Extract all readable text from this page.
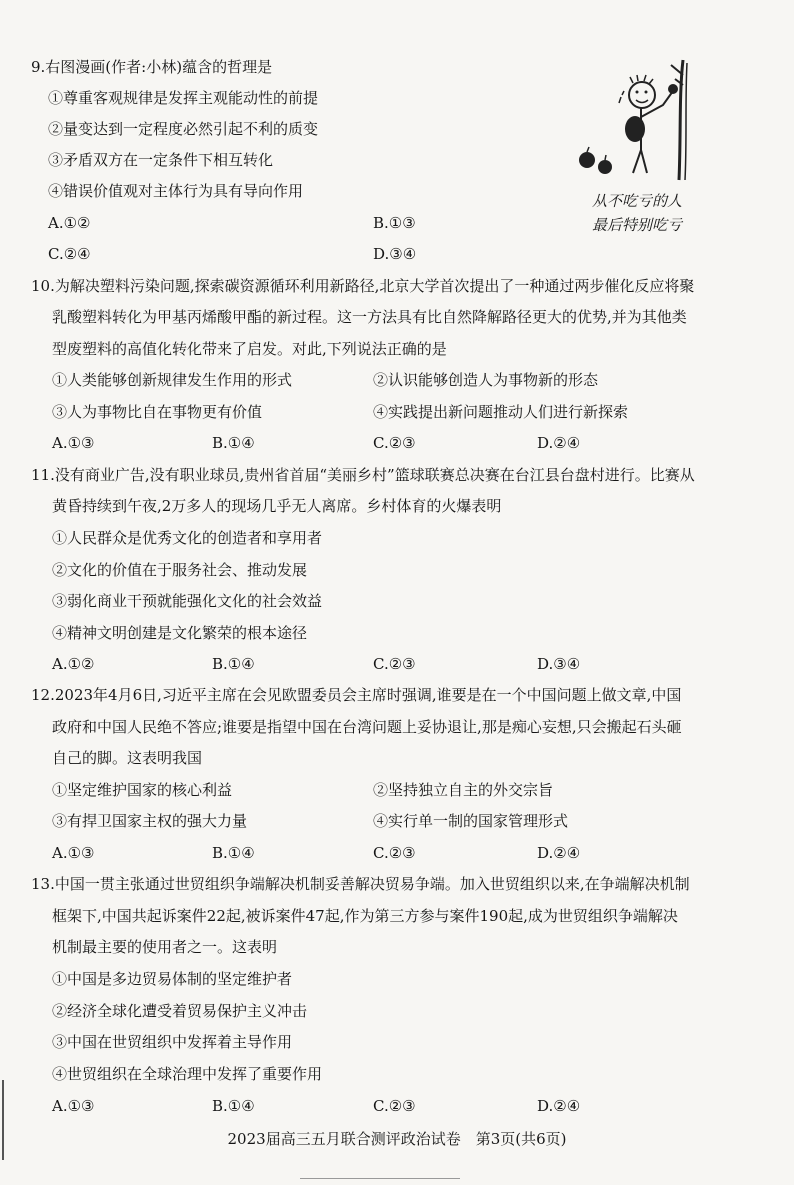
9.右图漫画(作者:小林)蕴含的哲理是
①尊重客观规律是发挥主观能动性的前提
②量变达到一定程度必然引起不利的质变
③矛盾双方在一定条件下相互转化
④错误价值观对主体行为具有导向作用
A.①②	B.①③
C.②④	D.③④
从不吃亏的人
最后特别吃亏
10.为解决塑料污染问题,探索碳资源循环利用新路径,北京大学首次提出了一种通过两步催化反应将聚
乳酸塑料转化为甲基丙烯酸甲酯的新过程。这一方法具有比自然降解路径更大的优势,并为其他类
型废塑料的高值化转化带来了启发。对此,下列说法正确的是
①人类能够创新规律发生作用的形式	②认识能够创造人为事物新的形态
③人为事物比自在事物更有价值	④实践提出新问题推动人们进行新探索
A.①③	B.①④	C.②③	D.②④
11.没有商业广告,没有职业球员,贵州省首届“美丽乡村”篮球联赛总决赛在台江县台盘村进行。比赛从
黄昏持续到午夜,2万多人的现场几乎无人离席。乡村体育的火爆表明
①人民群众是优秀文化的创造者和享用者
②文化的价值在于服务社会、推动发展
③弱化商业干预就能强化文化的社会效益
④精神文明创建是文化繁荣的根本途径
A.①②	B.①④	C.②③	D.③④
12.2023年4月6日,习近平主席在会见欧盟委员会主席时强调,谁要是在一个中国问题上做文章,中国
政府和中国人民绝不答应;谁要是指望中国在台湾问题上妥协退让,那是痴心妄想,只会搬起石头砸
自己的脚。这表明我国
①坚定维护国家的核心利益	②坚持独立自主的外交宗旨
③有捍卫国家主权的强大力量	④实行单一制的国家管理形式
A.①③	B.①④	C.②③	D.②④
13.中国一贯主张通过世贸组织争端解决机制妥善解决贸易争端。加入世贸组织以来,在争端解决机制
框架下,中国共起诉案件22起,被诉案件47起,作为第三方参与案件190起,成为世贸组织争端解决
机制最主要的使用者之一。这表明
①中国是多边贸易体制的坚定维护者
②经济全球化遭受着贸易保护主义冲击
③中国在世贸组织中发挥着主导作用
④世贸组织在全球治理中发挥了重要作用
A.①③	B.①④	C.②③	D.②④
2023届高三五月联合测评政治试卷　第3页(共6页)
